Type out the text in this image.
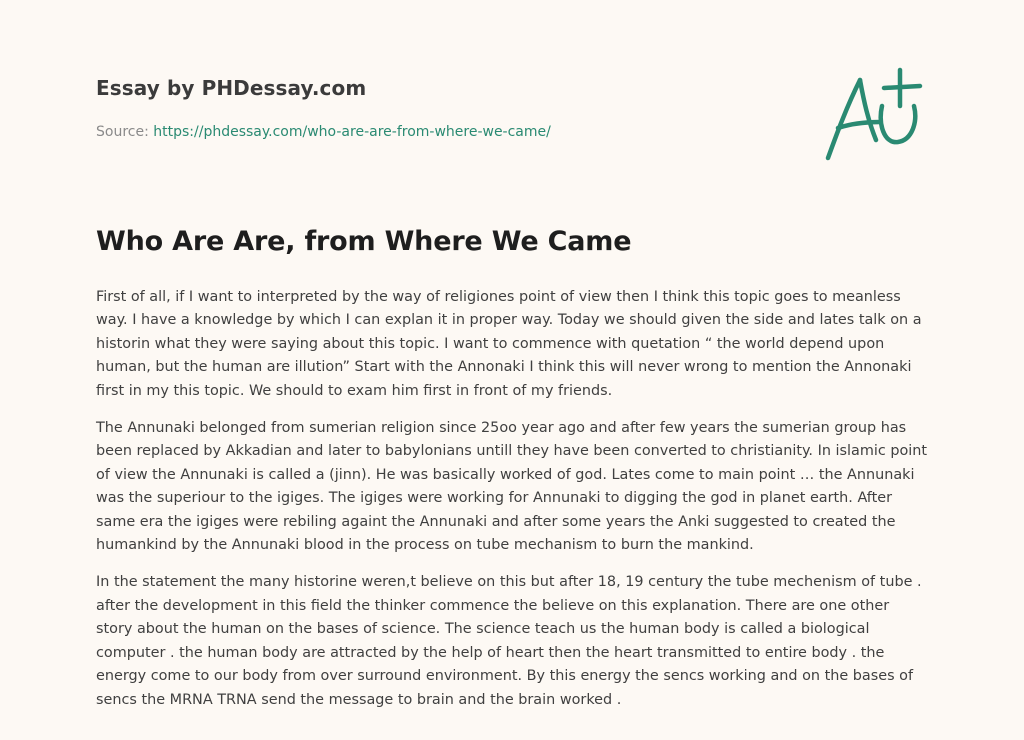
Essay by PHDessay.com

Source: https://phdessay.com/who-are-are-from-where-we-came/

Who Are Are, from Where We Came

First of all, if I want to interpreted by the way of religiones point of view then I think this topic goes to meanless way. I have a knowledge by which I can explan it in proper way. Today we should given the side and lates talk on a historin what they were saying about this topic. I want to commence with quetation “ the world depend upon human, but the human are illution” Start with the Annonaki I think this will never wrong to mention the Annonaki first in my this topic. We should to exam him first in front of my friends.

The Annunaki belonged from sumerian religion since 25oo year ago and after few years the sumerian group has been replaced by Akkadian and later to babylonians untill they have been converted to christianity. In islamic point of view the Annunaki is called a (jinn). He was basically worked of god. Lates come to main point … the Annunaki was the superiour to the igiges. The igiges were working for Annunaki to digging the god in planet earth. After same era the igiges were rebiling againt the Annunaki and after some years the Anki suggested to created the humankind by the Annunaki blood in the process on tube mechanism to burn the mankind.

In the statement the many historine weren,t believe on this but after 18, 19 century the tube mechenism of tube . after the development in this field the thinker commence the believe on this explanation. There are one other story about the human on the bases of science. The science teach us the human body is called a biological computer . the human body are attracted by the help of heart then the heart transmitted to entire body . the energy come to our body from over surround environment. By this energy the sencs working and on the bases of sencs the MRNA TRNA send the message to brain and the brain worked .
